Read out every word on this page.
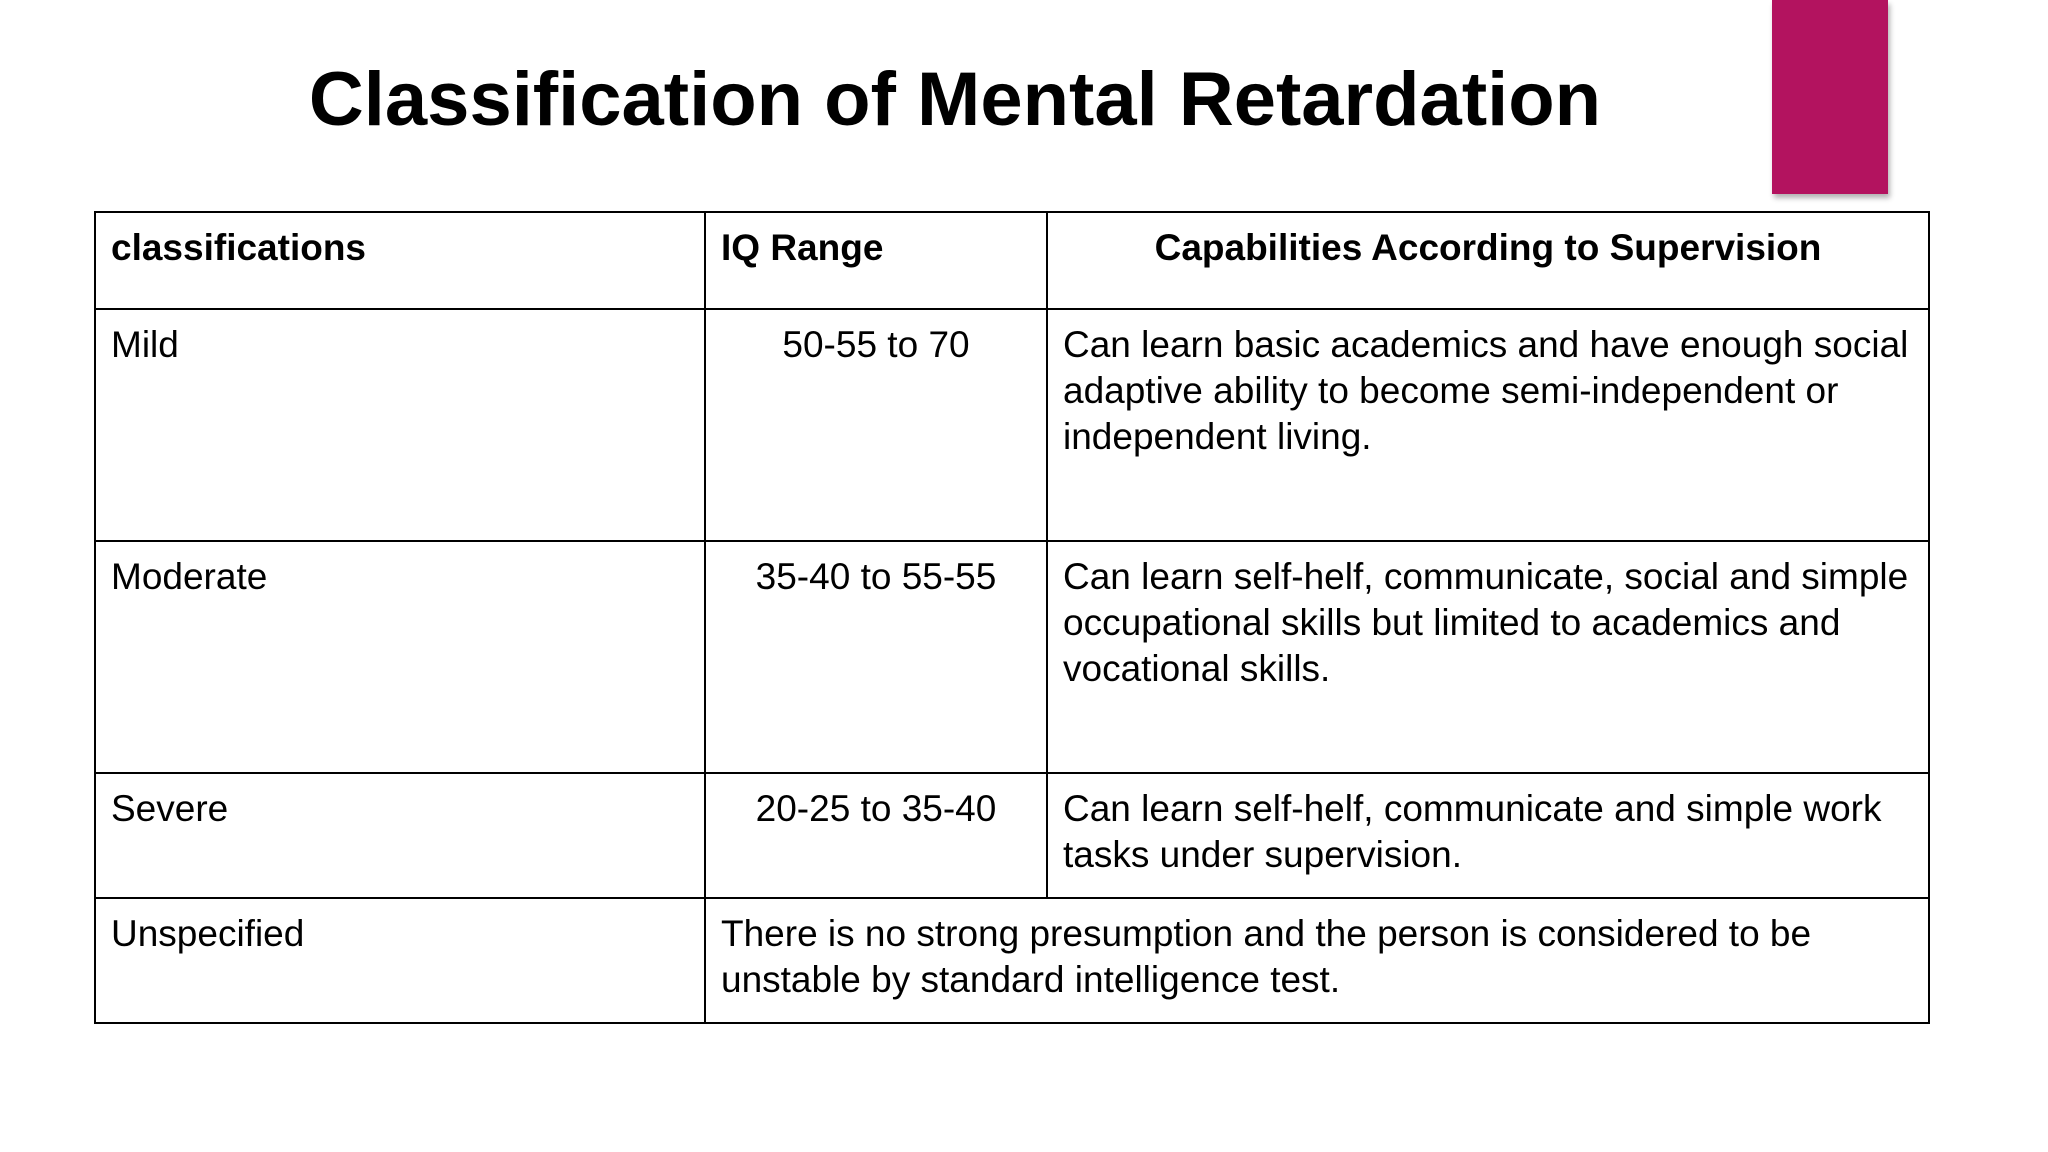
Classification of Mental Retardation
classifications	IQ Range	Capabilities According to Supervision
Mild	50-55 to 70	Can learn basic academics and have enough social adaptive ability to become semi-independent or independent living.
Moderate	35-40 to 55-55	Can learn self-helf, communicate, social and simple occupational skills but limited to academics and vocational skills.
Severe	20-25 to 35-40	Can learn self-helf, communicate and simple work tasks under supervision.
Unspecified	There is no strong presumption and the person is considered to be unstable by standard intelligence test.	
